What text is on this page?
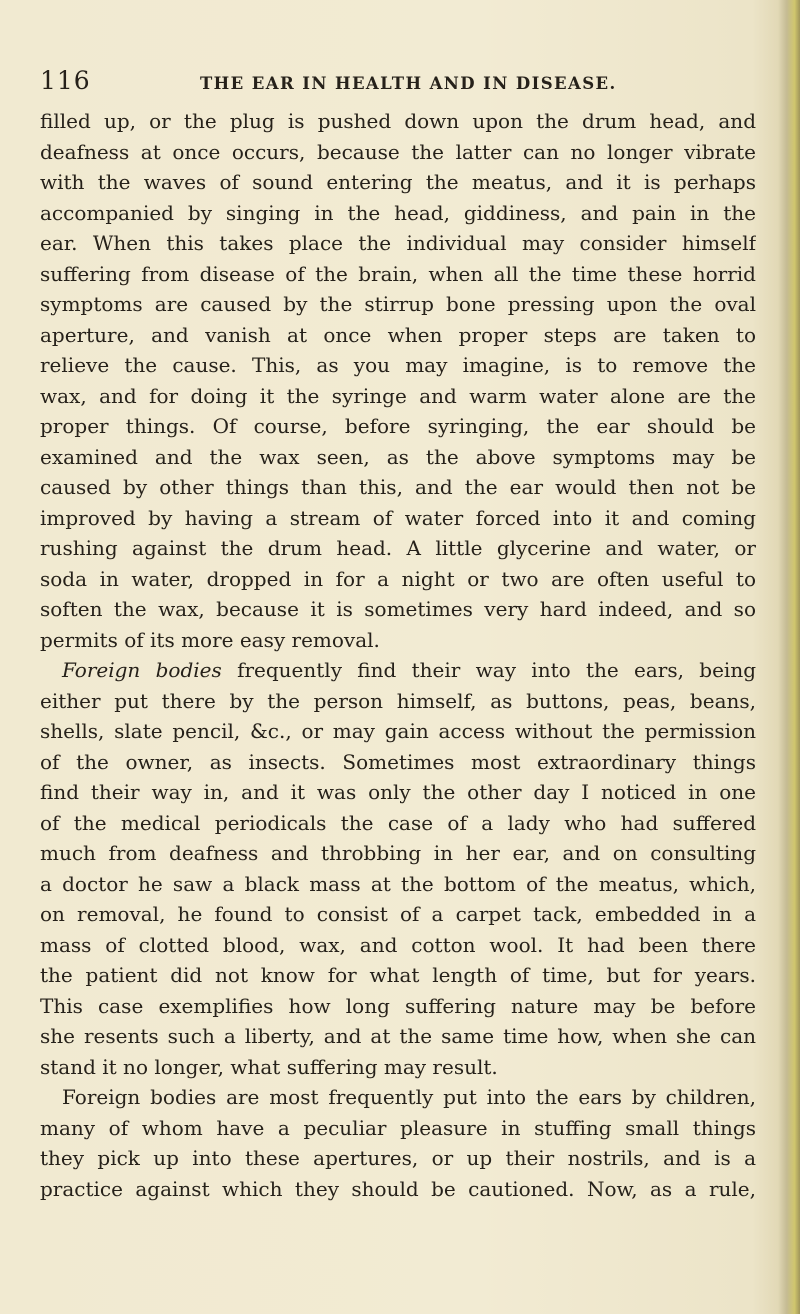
116	THE EAR IN HEALTH AND IN DISEASE.
filled up, or the plug is pushed down upon the drum head, and
deafness at once occurs, because the latter can no longer vibrate
with the waves of sound entering the meatus, and it is perhaps
accompanied by singing in the head, giddiness, and pain in the
ear. When this takes place the individual may consider himself
suffering from disease of the brain, when all the time these horrid
symptoms are caused by the stirrup bone pressing upon the oval
aperture, and vanish at once when proper steps are taken to
relieve the cause. This, as you may imagine, is to remove the
wax, and for doing it the syringe and warm water alone are the
proper things. Of course, before syringing, the ear should be
examined and the wax seen, as the above symptoms may be
caused by other things than this, and the ear would then not be
improved by having a stream of water forced into it and coming
rushing against the drum head. A little glycerine and water, or
soda in water, dropped in for a night or two are often useful to
soften the wax, because it is sometimes very hard indeed, and so
permits of its more easy removal.
Foreign bodies frequently find their way into the ears, being
either put there by the person himself, as buttons, peas, beans,
shells, slate pencil, &c., or may gain access without the permission
of the owner, as insects. Sometimes most extraordinary things
find their way in, and it was only the other day I noticed in one
of the medical periodicals the case of a lady who had suffered
much from deafness and throbbing in her ear, and on consulting
a doctor he saw a black mass at the bottom of the meatus, which,
on removal, he found to consist of a carpet tack, embedded in a
mass of clotted blood, wax, and cotton wool. It had been there
the patient did not know for what length of time, but for years.
This case exemplifies how long suffering nature may be before
she resents such a liberty, and at the same time how, when she can
stand it no longer, what suffering may result.
Foreign bodies are most frequently put into the ears by children,
many of whom have a peculiar pleasure in stuffing small things
they pick up into these apertures, or up their nostrils, and is a
practice against which they should be cautioned. Now, as a rule,
